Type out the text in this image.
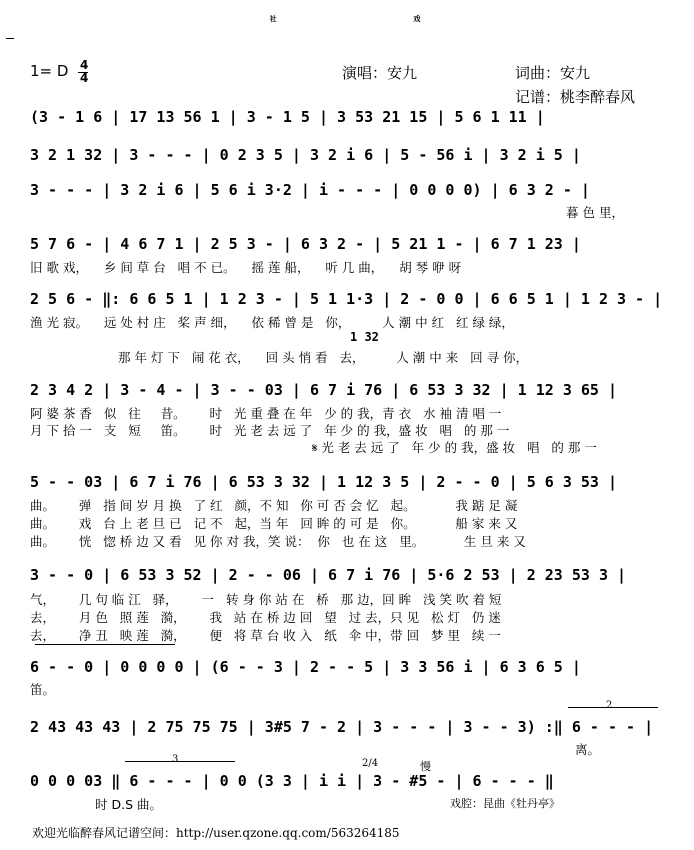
社  戏
1= D 4
4	演唱：安九	词曲：安九
记谱：桃李醉春风
(3 - 1 6 | 17 13 56 1 | 3 - 1 5 | 3 53 21 15 | 5 6 1 11 |
3 2 1 32 | 3 - - - | 0 2 3 5 | 3 2 i 6 | 5 - 56 i | 3 2 i 5 |
3 - - - | 3 2 i 6 | 5 6 i 3·2 | i - - - | 0 0 0 0) | 6 3 2 - |
暮 色 里，
5 7 6 - | 4 6 7 1 | 2 5 3 - | 6 3 2 - | 5 21 1 - | 6 7 1 23 |
旧 歌 戏，    乡 间 草 台   唱 不 已。    摇 莲 船，    听 几 曲，    胡 琴 咿 呀
2 5 6 - ‖: 6 6 5 1 | 1 2 3 - | 5 1 1·3 | 2 - 0 0 | 6 6 5 1 | 1 2 3 - |
渔 光 寂。    远 处 村 庄   桨 声 细，    依 稀 曾 是   你，        人 潮 中 红   红 绿 绿，
1 32
那 年 灯 下   闹 花 衣，    回 头 悄 看   去，        人 潮 中 来   回 寻 你，
2 3 4 2 | 3 - 4 - | 3 - - 03 | 6 7 i 76 | 6 53 3 32 | 1 12 3 65 |
阿 婆 茶 香   似   往     昔。      时   光 重 叠 在 年   少 的 我，青 衣   水 袖 清 唱 一
月 下 拾 一   支   短     笛。      时   光 老 去 远 了   年 少 的 我，盛 妆   唱   的 那 一
𝄋 光 老 去 远 了   年 少 的 我，盛 妆   唱   的 那 一
5 - - 03 | 6 7 i 76 | 6 53 3 32 | 1 12 3 5 | 2 - - 0 | 5 6 3 53 |
曲。      弹   指 间 岁 月 换   了 红   颜，不 知   你 可 否 会 忆   起。          我 踮 足 凝
曲。      戏   台 上 老 旦 已   记 不   起，当 年   回 眸 的 可 是   你。          船 家 来 又
曲。      恍   惚 桥 边 又 看   见 你 对 我，笑 说：  你   也 在 这   里。          生 旦 来 又
3 - - 0 | 6 53 3 52 | 2 - - 06 | 6 7 i 76 | 5·6 2 53 | 2 23 53 3 |
气，      几 句 临 江   驿，      一   转 身 你 站 在   桥   那 边，回 眸   浅 笑 吹 着 短
去，      月 色   照 莲   漪，      我   站 在 桥 边 回   望   过 去，只 见   松 灯   仍 迷
去，      净 丑   映 莲   漪，      便   将 草 台 收 入   纸   伞 中，带 回   梦 里   续 一
6 - - 0 | 0 0 0 0 | (6 - - 3 | 2 - - 5 | 3 3 56 i | 6 3 6 5 |
笛。
2
2 43 43 43 | 2 75 75 75 | 3#5 7 - 2 | 3 - - - | 3 - - 3) :‖ 6 - - - |
离。
3	2/4	慢
0 0 0 03 ‖ 6 - - - | 0 0 (3 3 | i i | 3 - #5 - | 6 - - - ‖
时 D.S 曲。	戏腔：昆曲《牡丹亭》
欢迎光临醉春风记谱空间：http://user.qzone.qq.com/563264185
